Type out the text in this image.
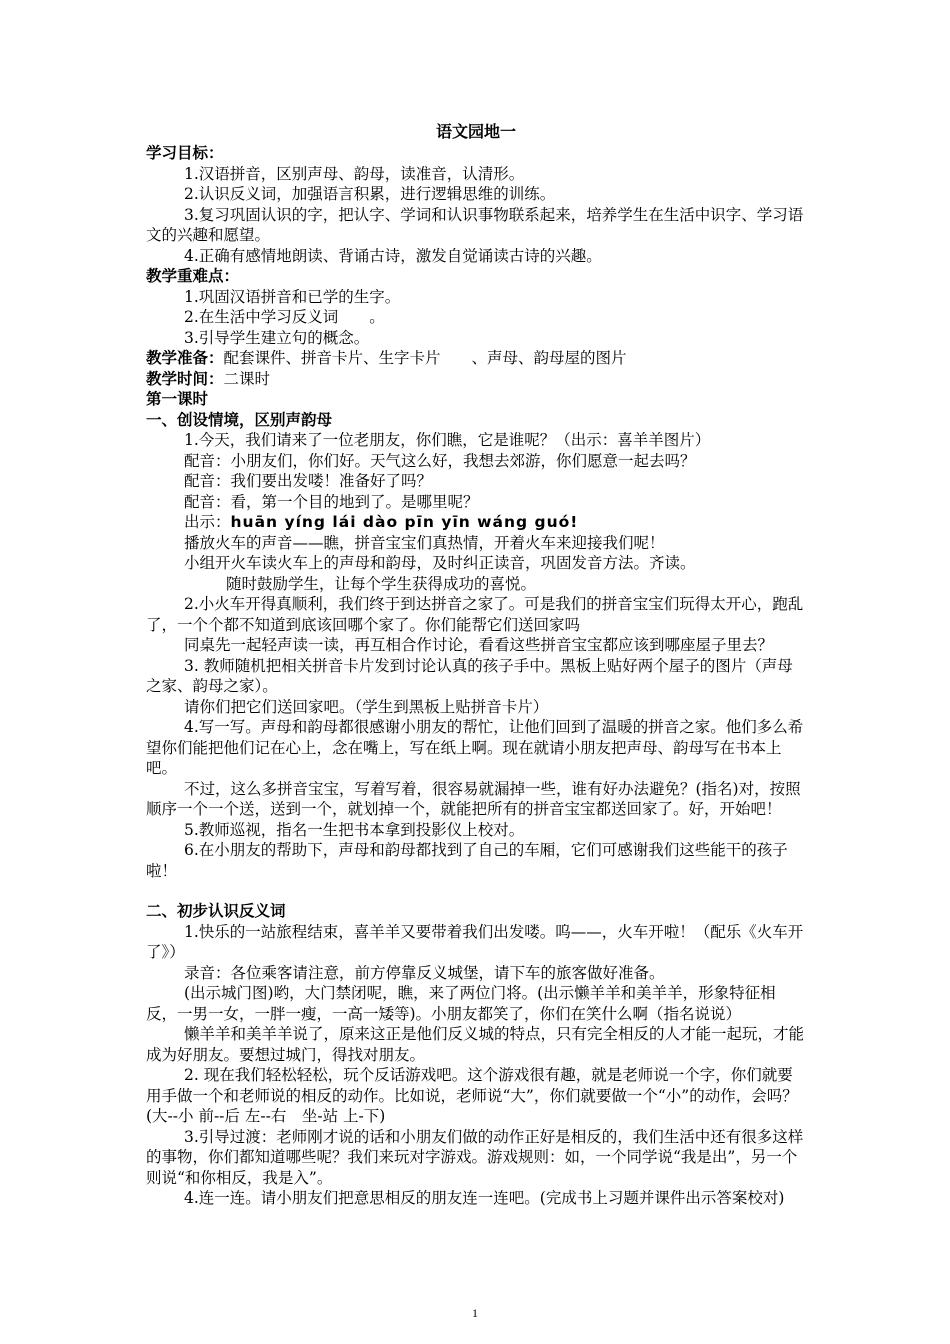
语文园地一
学习目标：

1.汉语拼音，区别声母、韵母，读准音，认清形。

2.认识反义词，加强语言积累，进行逻辑思维的训练。

3.复习巩固认识的字，把认字、学词和认识事物联系起来，培养学生在生活中识字、学习语文的兴趣和愿望。

4.正确有感情地朗读、背诵古诗，激发自觉诵读古诗的兴趣。

教学重难点：

1.巩固汉语拼音和已学的生字。

2.在生活中学习反义词　　。

3.引导学生建立句的概念。

教学准备：配套课件、拼音卡片、生字卡片　　、声母、韵母屋的图片

教学时间：二课时

第一课时
一、创设情境，区别声韵母

1.今天，我们请来了一位老朋友，你们瞧，它是谁呢？（出示：喜羊羊图片）

配音：小朋友们，你们好。天气这么好，我想去郊游，你们愿意一起去吗？

配音：我们要出发喽！准备好了吗？

配音：看，第一个目的地到了。是哪里呢？

出示：huān yíng lái dào pīn yīn wáng guó!

播放火车的声音——瞧，拼音宝宝们真热情，开着火车来迎接我们呢！

小组开火车读火车上的声母和韵母，及时纠正读音，巩固发音方法。齐读。

随时鼓励学生，让每个学生获得成功的喜悦。

2.小火车开得真顺利，我们终于到达拼音之家了。可是我们的拼音宝宝们玩得太开心，跑乱了，一个个都不知道到底该回哪个家了。你们能帮它们送回家吗

同桌先一起轻声读一读，再互相合作讨论，看看这些拼音宝宝都应该到哪座屋子里去？

3. 教师随机把相关拼音卡片发到讨论认真的孩子手中。黑板上贴好两个屋子的图片（声母之家、韵母之家）。

请你们把它们送回家吧。（学生到黑板上贴拼音卡片）

4.写一写。声母和韵母都很感谢小朋友的帮忙，让他们回到了温暖的拼音之家。他们多么希望你们能把他们记在心上，念在嘴上，写在纸上啊。现在就请小朋友把声母、韵母写在书本上吧。

不过，这么多拼音宝宝，写着写着，很容易就漏掉一些，谁有好办法避免？(指名)对，按照顺序一个一个送，送到一个，就划掉一个，就能把所有的拼音宝宝都送回家了。好，开始吧！

5.教师巡视，指名一生把书本拿到投影仪上校对。

6.在小朋友的帮助下，声母和韵母都找到了自己的车厢，它们可感谢我们这些能干的孩子啦！

二、初步认识反义词

1.快乐的一站旅程结束，喜羊羊又要带着我们出发喽。呜——，火车开啦！（配乐《火车开了》）

录音：各位乘客请注意，前方停靠反义城堡，请下车的旅客做好准备。

(出示城门图)哟，大门禁闭呢，瞧，来了两位门将。(出示懒羊羊和美羊羊，形象特征相反，一男一女，一胖一瘦，一高一矮等)。小朋友都笑了，你们在笑什么啊（指名说说）

懒羊羊和美羊羊说了，原来这正是他们反义城的特点，只有完全相反的人才能一起玩，才能成为好朋友。要想过城门，得找对朋友。

2. 现在我们轻松轻松，玩个反话游戏吧。这个游戏很有趣，就是老师说一个字，你们就要用手做一个和老师说的相反的动作。比如说，老师说“大”，你们就要做一个“小”的动作，会吗？　　(大--小 前--后 左--右　坐-站 上-下)

3.引导过渡：老师刚才说的话和小朋友们做的动作正好是相反的，我们生活中还有很多这样的事物，你们都知道哪些呢？我们来玩对字游戏。游戏规则：如，一个同学说“我是出”，另一个则说“和你相反，我是入”。

4.连一连。请小朋友们把意思相反的朋友连一连吧。(完成书上习题并课件出示答案校对)

1
